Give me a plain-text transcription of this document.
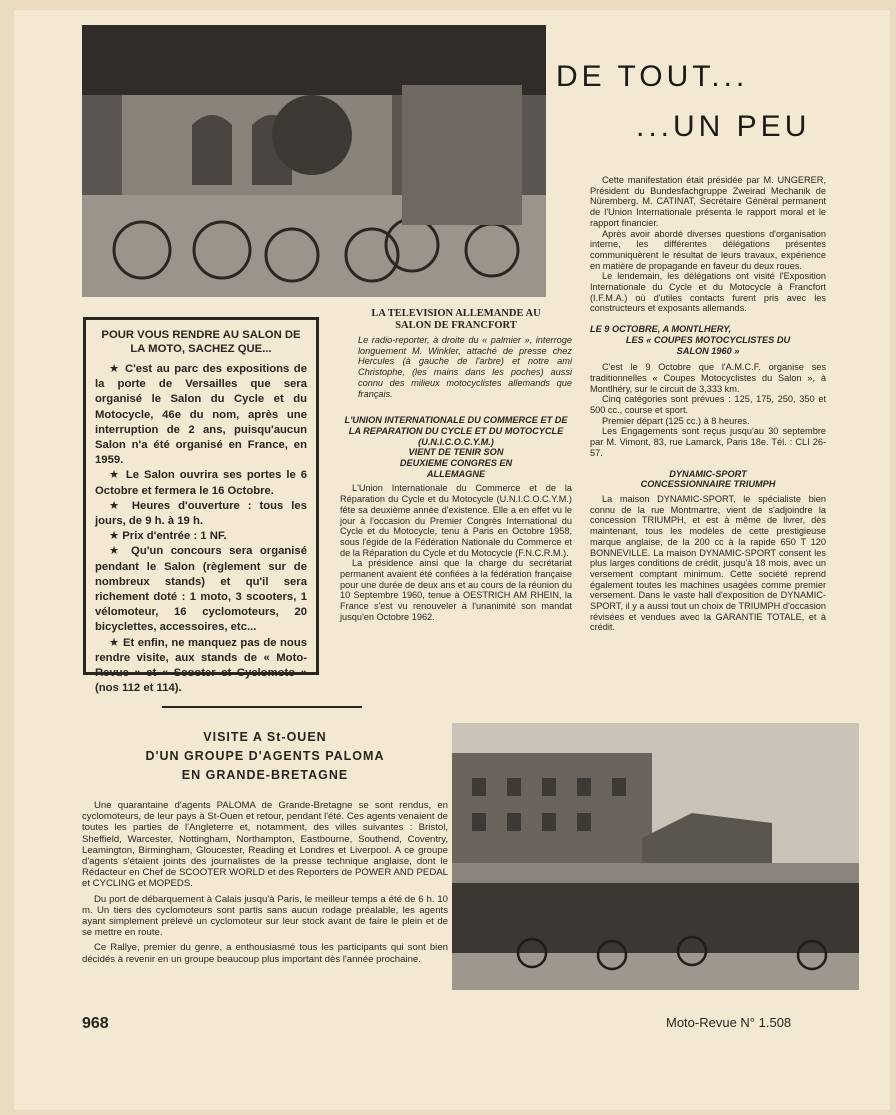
DE TOUT...
...UN PEU
POUR VOUS RENDRE AU SALON DE LA MOTO, SACHEZ QUE...

★ C'est au parc des expositions de la porte de Versailles que sera organisé le Salon du Cycle et du Motocycle, 46e du nom, après une interruption de 2 ans, puisqu'aucun Salon n'a été organisé en France, en 1959.

★ Le Salon ouvrira ses portes le 6 Octobre et fermera le 16 Octobre.

★ Heures d'ouverture : tous les jours, de 9 h. à 19 h.

★ Prix d'entrée : 1 NF.

★ Qu'un concours sera organisé pendant le Salon (règlement sur de nombreux stands) et qu'il sera richement doté : 1 moto, 3 scooters, 1 vélomoteur, 16 cyclomoteurs, 20 bicyclettes, accessoires, etc...

★ Et enfin, ne manquez pas de nous rendre visite, aux stands de « Moto-Revue » et « Scooter et Cyclomoto » (nos 112 et 114).

LA TELEVISION ALLEMANDE AU SALON DE FRANCFORT

Le radio-reporter, à droite du « palmier », interroge longuement M. Winkler, attaché de presse chez Hercules (à gauche de l'arbre) et notre ami Christophe, (les mains dans les poches) aussi connu des milieux motocyclistes allemands que français.

L'UNION INTERNATIONALE DU COMMERCE ET DE LA REPARATION DU CYCLE ET DU MOTOCYCLE

(U.N.I.C.O.C.Y.M.)

VIENT DE TENIR SON DEUXIEME CONGRES EN ALLEMAGNE

L'Union Internationale du Commerce et de la Réparation du Cycle et du Motocycle (U.N.I.C.O.C.Y.M.) fête sa deuxième année d'existence. Elle a en effet vu le jour à l'occasion du Premier Congrès International du Cycle et du Motocycle, tenu à Paris en Octobre 1958, sous l'égide de la Fédération Nationale du Commerce et de la Réparation du Cycle et du Motocycle (F.N.C.R.M.).

La présidence ainsi que la charge du secrétariat permanent avaient été confiées à la fédération française pour une durée de deux ans et au cours de la réunion du 10 Septembre 1960, tenue à OESTRICH AM RHEIN, la France s'est vu renouveler à l'unanimité son mandat jusqu'en Octobre 1962.

Cette manifestation était présidée par M. UNGERER, Président du Bundesfachgruppe Zweirad Mechanik de Nüremberg. M. CATINAT, Secrétaire Général permanent de l'Union Internationale présenta le rapport moral et le rapport financier.

Après avoir abordé diverses questions d'organisation interne, les différentes délégations présentes communiquèrent le résultat de leurs travaux, expérience en matière de propagande en faveur du deux roues.

Le lendemain, les délégations ont visité l'Exposition Internationale du Cycle et du Motocycle à Francfort (I.F.M.A.) où d'utiles contacts furent pris avec les constructeurs et exposants allemands.

LE 9 OCTOBRE, A MONTLHERY,

LES « COUPES MOTOCYCLISTES DU SALON 1960 »

C'est le 9 Octobre que l'A.M.C.F. organise ses traditionnelles « Coupes Motocyclistes du Salon », à Montlhéry, sur le circuit de 3,333 km.

Cinq catégories sont prévues : 125, 175, 250, 350 et 500 cc., course et sport.

Premier départ (125 cc.) à 8 heures.

Les Engagements sont reçus jusqu'au 30 septembre par M. Vimont, 83, rue Lamarck, Paris 18e. Tél. : CLI 26-57.

DYNAMIC-SPORT

CONCESSIONNAIRE TRIUMPH

La maison DYNAMIC-SPORT, le spécialiste bien connu de la rue Montmartre, vient de s'adjoindre la concession TRIUMPH, et est à même de livrer, dès maintenant, tous les modèles de cette prestigieuse marque anglaise, de la 200 cc à la rapide 650 T 120 BONNEVILLE. La maison DYNAMIC-SPORT consent les plus larges conditions de crédit, jusqu'à 18 mois, avec un versement comptant minimum. Cette société reprend également toutes les machines usagées comme premier versement. Dans le vaste hall d'exposition de DYNAMIC-SPORT, il y a aussi tout un choix de TRIUMPH d'occasion révisées et vendues avec la GARANTIE TOTALE, et à crédit.

VISITE A St-OUEN
D'UN GROUPE D'AGENTS PALOMA
EN GRANDE-BRETAGNE

Une quarantaine d'agents PALOMA de Grande-Bretagne se sont rendus, en cyclomoteurs, de leur pays à St-Ouen et retour, pendant l'été. Ces agents venaient de toutes les parties de l'Angleterre et, notamment, des villes suivantes : Bristol, Sheffield, Warcester, Nottingham, Northampton, Eastbourne, Southend, Coventry, Leamington, Birmingham, Gloucester, Reading et Londres et Liverpool. A ce groupe d'agents s'étaient joints des journalistes de la presse technique anglaise, dont le Rédacteur en Chef de SCOOTER WORLD et des Reporters de POWER AND PEDAL et CYCLING et MOPEDS.

Du port de débarquement à Calais jusqu'à Paris, le meilleur temps a été de 6 h. 10 m. Un tiers des cyclomoteurs sont partis sans aucun rodage préalable, les agents ayant simplement prélevé un cyclomoteur sur leur stock avant de faire le plein et de se mettre en route.

Ce Rallye, premier du genre, a enthousiasmé tous les participants qui sont bien décidés à revenir en un groupe beaucoup plus important dès l'année prochaine.

968	Moto-Revue N° 1.508
